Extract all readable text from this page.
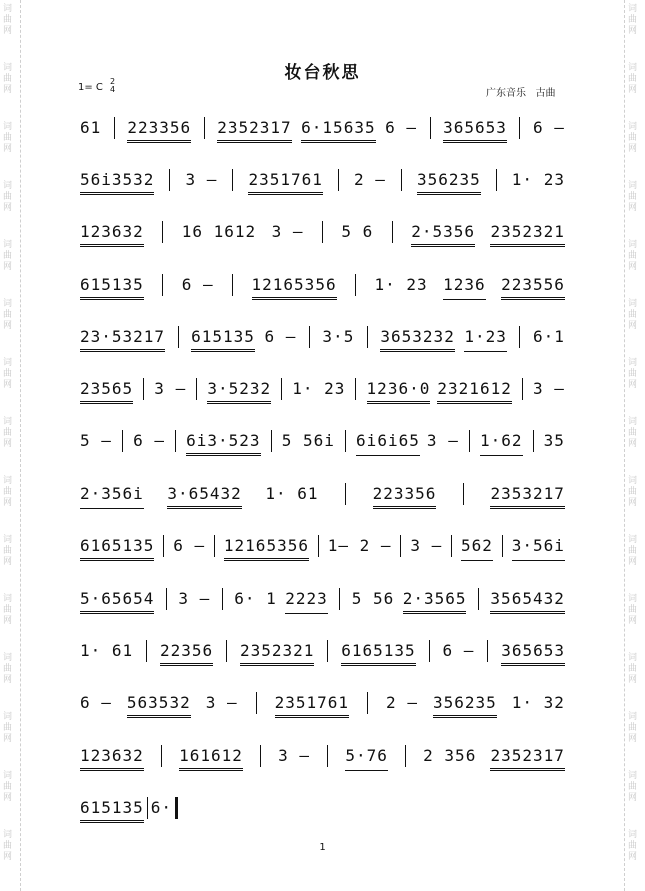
词曲网
词曲网
词曲网
词曲网
词曲网
词曲网
词曲网
词曲网
词曲网
词曲网
词曲网
词曲网
词曲网
词曲网
词曲网
词曲网
词曲网
词曲网
词曲网
词曲网
词曲网
词曲网
词曲网
词曲网
词曲网
词曲网
词曲网
词曲网
词曲网
词曲网
妆台秋思
1= C
2
4	广东音乐   古曲
61 223356 2352317 6·15635 6 – 365653 6 –
56i3532 3 – 2351761 2 – 356235 1· 23
123632 16 1612 3 – 5 6 2·5356 2352321
615135 6 – 12165356 1· 23 1236 223556
23·53217 615135 6 – 3·5 3653232 1·23 6·1
23565 3 – 3·5232 1· 23 1236·0 2321612 3 –
5 – 6 – 6i3·523 5 56i 6i6i65 3 – 1·62 35
2·356i 3·65432 1· 61	223356	2353217
6165135 6 – 12165356 1– 2 – 3 – 562 3·56i
5·65654 3 – 6· 1 2223 5 56 2·3565 3565432
1· 61 22356 2352321 6165135 6 – 365653
6 – 563532 3 – 2351761 2 – 356235 1· 32
123632 161612 3 – 5·76 2 356 2352317
615135 6·
1
